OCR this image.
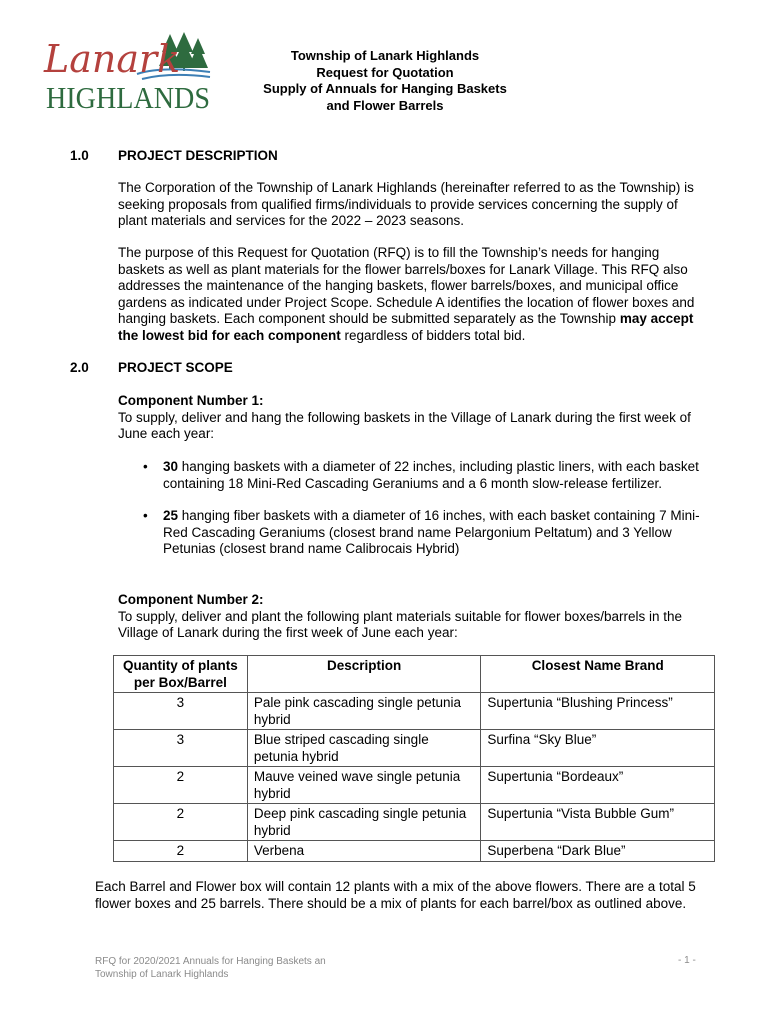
Lanark
HIGHLANDS
Township of Lanark Highlands
Request for Quotation
Supply of Annuals for Hanging Baskets
and Flower Barrels
1.0 PROJECT DESCRIPTION
The Corporation of the Township of Lanark Highlands (hereinafter referred to as the Township) is seeking proposals from qualified firms/individuals to provide services concerning the supply of plant materials and services for the 2022 – 2023 seasons.
The purpose of this Request for Quotation (RFQ) is to fill the Township’s needs for hanging baskets as well as plant materials for the flower barrels/boxes for Lanark Village. This RFQ also addresses the maintenance of the hanging baskets, flower barrels/boxes, and municipal office gardens as indicated under Project Scope. Schedule A identifies the location of flower boxes and hanging baskets. Each component should be submitted separately as the Township may accept the lowest bid for each component regardless of bidders total bid.
2.0 PROJECT SCOPE
Component Number 1:
To supply, deliver and hang the following baskets in the Village of Lanark during the first week of June each year:
• 30 hanging baskets with a diameter of 22 inches, including plastic liners, with each basket containing 18 Mini-Red Cascading Geraniums and a 6 month slow-release fertilizer.
• 25 hanging fiber baskets with a diameter of 16 inches, with each basket containing 7 Mini-Red Cascading Geraniums (closest brand name Pelargonium Peltatum) and 3 Yellow Petunias (closest brand name Calibrocais Hybrid)
Component Number 2:
To supply, deliver and plant the following plant materials suitable for flower boxes/barrels in the Village of Lanark during the first week of June each year:
Quantity of plants per Box/Barrel	Description	Closest Name Brand
3	Pale pink cascading single petunia hybrid	Supertunia “Blushing Princess”
3	Blue striped cascading single petunia hybrid	Surfina “Sky Blue”
2	Mauve veined wave single petunia hybrid	Supertunia “Bordeaux”
2	Deep pink cascading single petunia hybrid	Supertunia “Vista Bubble Gum”
2	Verbena	Superbena “Dark Blue”
Each Barrel and Flower box will contain 12 plants with a mix of the above flowers. There are a total 5 flower boxes and 25 barrels. There should be a mix of plants for each barrel/box as outlined above.
RFQ for 2020/2021 Annuals for Hanging Baskets an
Township of Lanark Highlands
- 1 -
